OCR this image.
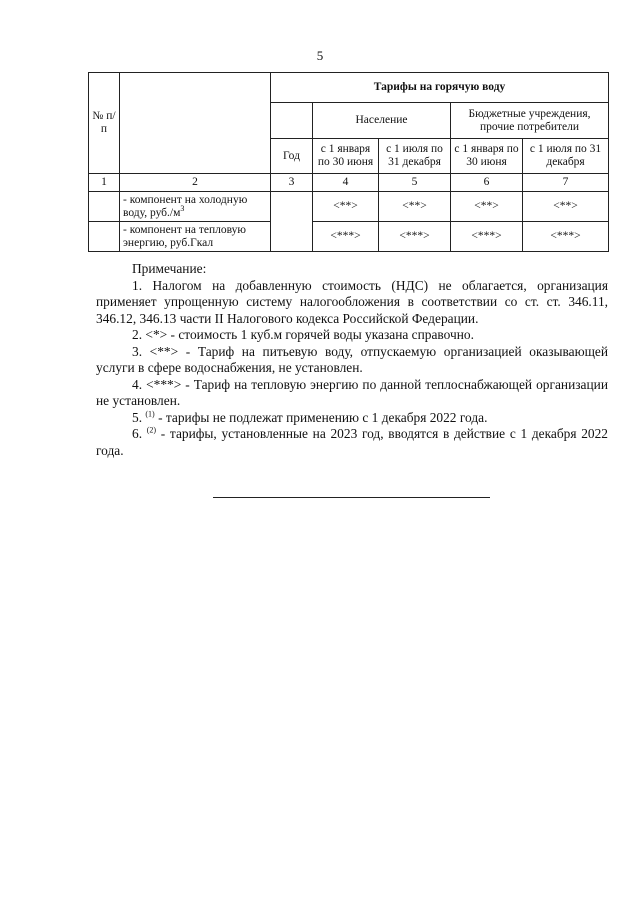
5
№ п/п		Тарифы на горячую воду				
			Население		Бюджетные учреждения, прочие потребители	
		Год	с 1 января по 30 июня	с 1 июля по 31 декабря	с 1 января по 30 июня	с 1 июля по 31 декабря
1	2	3	4	5	6	7
	- компонент на холодную воду, $руб./м^3$		<**>	<**>	<**>	<**>
	- компонент на тепловую энергию, руб.Гкал		<***>	<***>	<***>	<***>

Примечание:

1. Налогом на добавленную стоимость (НДС) не облагается, организация применяет упрощенную систему налогообложения в соответствии со ст. ст. 346.11, 346.12, 346.13 части II Налогового кодекса Российской Федерации.

2. <*> - стоимость 1 куб.м горячей воды указана справочно.

3. <**> - Тариф на питьевую воду, отпускаемую организацией оказывающей услуги в сфере водоснабжения, не установлен.

4. <***> - Тариф на тепловую энергию по данной теплоснабжающей организации не установлен.

5. $^{(1)}$ - тарифы не подлежат применению с 1 декабря 2022 года.

6. $^{(2)}$ - тарифы, установленные на 2023 год, вводятся в действие с 1 декабря 2022 года.
